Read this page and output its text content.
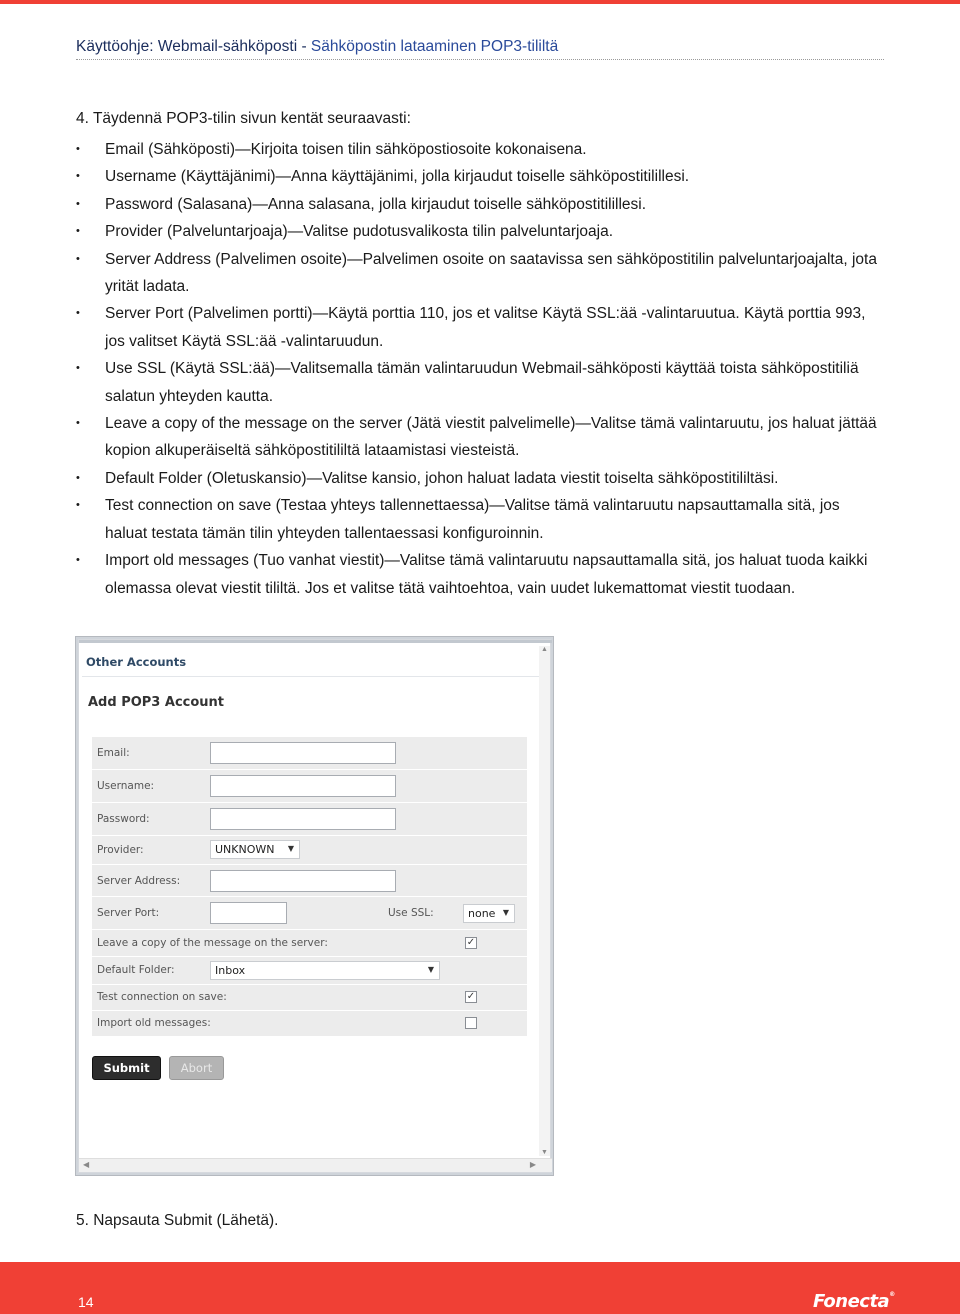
Käyttöohje: Webmail-sähköposti - Sähköpostin lataaminen POP3-tililtä
4. Täydennä POP3-tilin sivun kentät seuraavasti:
• Email (Sähköposti)—Kirjoita toisen tilin sähköpostiosoite kokonaisena.
• Username (Käyttäjänimi)—Anna käyttäjänimi, jolla kirjaudut toiselle sähköpostitilillesi.
• Password (Salasana)—Anna salasana, jolla kirjaudut toiselle sähköpostitilillesi.
• Provider (Palveluntarjoaja)—Valitse pudotusvalikosta tilin palveluntarjoaja.
• Server Address (Palvelimen osoite)—Palvelimen osoite on saatavissa sen sähköpostitilin palveluntarjoajalta, jota yrität ladata.
• Server Port (Palvelimen portti)—Käytä porttia 110, jos et valitse Käytä SSL:ää -valintaruutua. Käytä porttia 993, jos valitset Käytä SSL:ää -valintaruudun.
• Use SSL (Käytä SSL:ää)—Valitsemalla tämän valintaruudun Webmail-sähköposti käyttää toista sähköpostitiliä salatun yhteyden kautta.
• Leave a copy of the message on the server (Jätä viestit palvelimelle)—Valitse tämä valintaruutu, jos haluat jättää kopion alkuperäiseltä sähköpostitililtä lataamistasi viesteistä.
• Default Folder (Oletuskansio)—Valitse kansio, johon haluat ladata viestit toiselta sähköpostitililtäsi.
• Test connection on save (Testaa yhteys tallennettaessa)—Valitse tämä valintaruutu napsauttamalla sitä, jos haluat testata tämän tilin yhteyden tallentaessasi konfiguroinnin.
• Import old messages (Tuo vanhat viestit)—Valitse tämä valintaruutu napsauttamalla sitä, jos haluat tuoda kaikki olemassa olevat viestit tililtä. Jos et valitse tätä vaihtoehtoa, vain uudet lukemattomat viestit tuodaan.
Other Accounts
Add POP3 Account
Email:
Username:
Password:
Provider:	UNKNOWN ▼
Server Address:
Server Port:	Use SSL:	none ▼
Leave a copy of the message on the server:	✓
Default Folder:	Inbox	▼
Test connection on save:	✓
Import old messages:
Submit	Abort
▲
▼
◀	▶
5. Napsauta Submit (Lähetä).
14	Fonecta®
